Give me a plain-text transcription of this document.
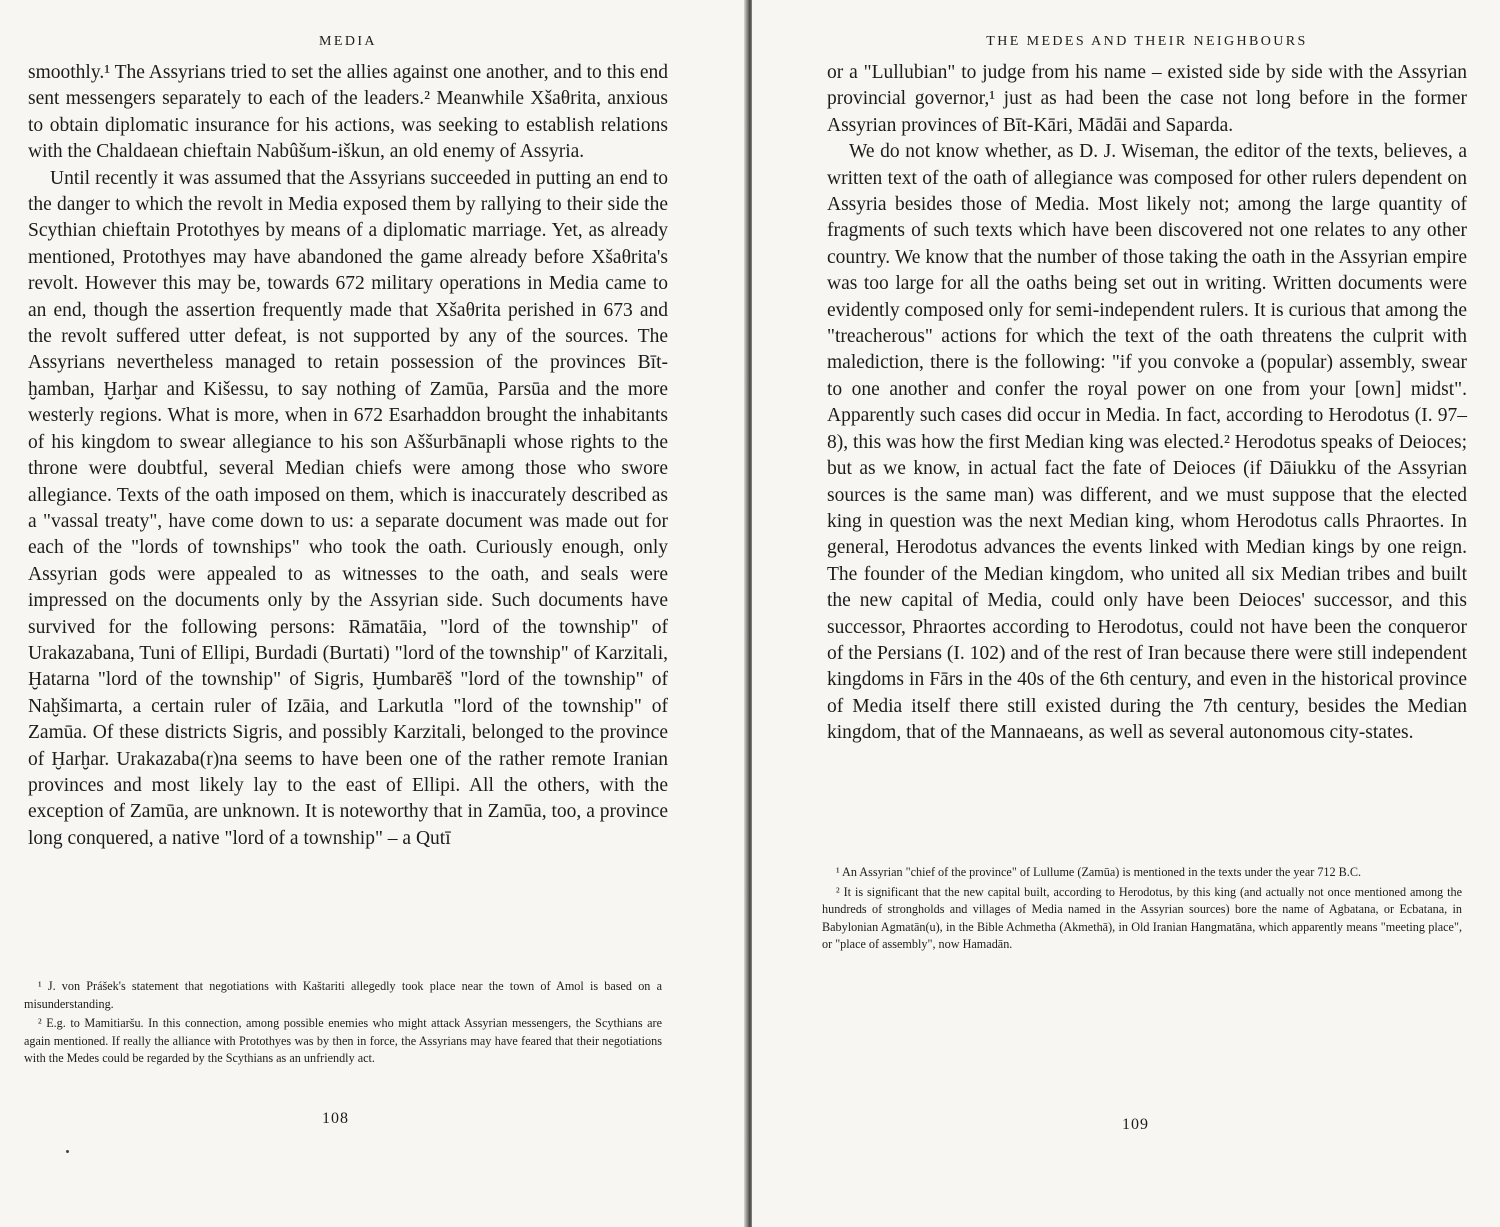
MEDIA

smoothly.¹ The Assyrians tried to set the allies against one another, and to this end sent messengers separately to each of the leaders.² Meanwhile Xšaθrita, anxious to obtain diplomatic insurance for his actions, was seeking to establish relations with the Chaldaean chieftain Nabûšum-iškun, an old enemy of Assyria.

Until recently it was assumed that the Assyrians succeeded in putting an end to the danger to which the revolt in Media exposed them by rallying to their side the Scythian chieftain Protothyes by means of a diplomatic marriage. Yet, as already mentioned, Protothyes may have abandoned the game already before Xšaθrita's revolt. However this may be, towards 672 military operations in Media came to an end, though the assertion frequently made that Xšaθrita perished in 673 and the revolt suffered utter defeat, is not supported by any of the sources. The Assyrians nevertheless managed to retain possession of the provinces Bīt-ḫamban, Ḫarḫar and Kišessu, to say nothing of Zamūa, Parsūa and the more westerly regions. What is more, when in 672 Esarhaddon brought the inhabitants of his kingdom to swear allegiance to his son Aššurbānapli whose rights to the throne were doubtful, several Median chiefs were among those who swore allegiance. Texts of the oath imposed on them, which is inaccurately described as a "vassal treaty", have come down to us: a separate document was made out for each of the "lords of townships" who took the oath. Curiously enough, only Assyrian gods were appealed to as witnesses to the oath, and seals were impressed on the documents only by the Assyrian side. Such documents have survived for the following persons: Rāmatāia, "lord of the township" of Urakazabana, Tuni of Ellipi, Burdadi (Burtati) "lord of the township" of Karzitali, Ḫatarna "lord of the township" of Sigris, Ḫumbarēš "lord of the township" of Naḫšimarta, a certain ruler of Izāia, and Larkutla "lord of the township" of Zamūa. Of these districts Sigris, and possibly Karzitali, belonged to the province of Ḫarḫar. Urakazaba(r)na seems to have been one of the rather remote Iranian provinces and most likely lay to the east of Ellipi. All the others, with the exception of Zamūa, are unknown. It is noteworthy that in Zamūa, too, a province long conquered, a native "lord of a township" – a Qutī

¹ J. von Prášek's statement that negotiations with Kaštariti allegedly took place near the town of Amol is based on a misunderstanding.

² E.g. to Mamitiaršu. In this connection, among possible enemies who might attack Assyrian messengers, the Scythians are again mentioned. If really the alliance with Protothyes was by then in force, the Assyrians may have feared that their negotiations with the Medes could be regarded by the Scythians as an unfriendly act.

108
THE MEDES AND THEIR NEIGHBOURS

or a "Lullubian" to judge from his name – existed side by side with the Assyrian provincial governor,¹ just as had been the case not long before in the former Assyrian provinces of Bīt-Kāri, Mādāi and Saparda.

We do not know whether, as D. J. Wiseman, the editor of the texts, believes, a written text of the oath of allegiance was composed for other rulers dependent on Assyria besides those of Media. Most likely not; among the large quantity of fragments of such texts which have been discovered not one relates to any other country. We know that the number of those taking the oath in the Assyrian empire was too large for all the oaths being set out in writing. Written documents were evidently composed only for semi-independent rulers. It is curious that among the "treacherous" actions for which the text of the oath threatens the culprit with malediction, there is the following: "if you convoke a (popular) assembly, swear to one another and confer the royal power on one from your [own] midst". Apparently such cases did occur in Media. In fact, according to Herodotus (I. 97–8), this was how the first Median king was elected.² Herodotus speaks of Deioces; but as we know, in actual fact the fate of Deioces (if Dāiukku of the Assyrian sources is the same man) was different, and we must suppose that the elected king in question was the next Median king, whom Herodotus calls Phraortes. In general, Herodotus advances the events linked with Median kings by one reign. The founder of the Median kingdom, who united all six Median tribes and built the new capital of Media, could only have been Deioces' successor, and this successor, Phraortes according to Herodotus, could not have been the conqueror of the Persians (I. 102) and of the rest of Iran because there were still independent kingdoms in Fārs in the 40s of the 6th century, and even in the historical province of Media itself there still existed during the 7th century, besides the Median kingdom, that of the Mannaeans, as well as several autonomous city-states.

¹ An Assyrian "chief of the province" of Lullume (Zamūa) is mentioned in the texts under the year 712 B.C.

² It is significant that the new capital built, according to Herodotus, by this king (and actually not once mentioned among the hundreds of strongholds and villages of Media named in the Assyrian sources) bore the name of Agbatana, or Ecbatana, in Babylonian Agmatān(u), in the Bible Achmetha (Akmethā), in Old Iranian Hangmatāna, which apparently means "meeting place", or "place of assembly", now Hamadān.

109
